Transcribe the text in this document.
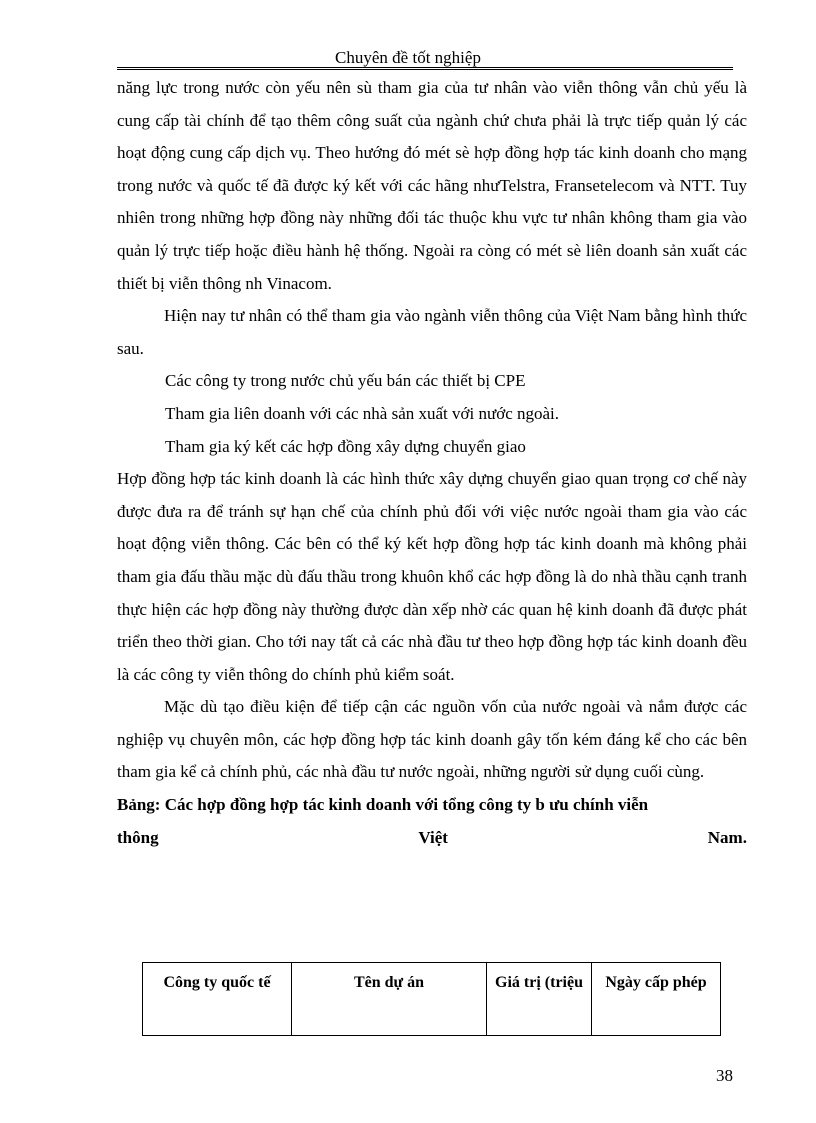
Chuyên đề tốt nghiệp

năng lực trong nước còn yếu nên sù tham gia của tư nhân vào viễn thông vẫn chủ yếu là cung cấp tài chính để tạo thêm công suất của ngành chứ chưa phải là trực tiếp quản lý các hoạt động cung cấp dịch vụ. Theo hướng đó mét sè hợp đồng hợp tác kinh doanh cho mạng trong nước và quốc tế đã được ký kết với các hãng nhưTelstra, Fransetelecom và NTT. Tuy nhiên trong những hợp đồng này những đối tác thuộc khu vực tư nhân không tham gia vào quản lý trực tiếp hoặc điều hành hệ thống. Ngoài ra còng có mét sè liên doanh sản xuất các thiết bị viễn thông nh Vinacom.

Hiện nay tư nhân có thể tham gia vào ngành viễn thông của Việt Nam bằng hình thức sau.

Các công ty trong nước chủ yếu bán các thiết bị CPE

Tham gia liên doanh với các nhà sản xuất với nước ngoài.

Tham gia ký kết các hợp đồng xây dựng chuyển giao

Hợp đồng hợp tác kinh doanh là các hình thức xây dựng chuyển giao quan trọng cơ chế này được đưa ra để tránh sự hạn chế của chính phủ đối với việc nước ngoài tham gia vào các hoạt động viễn thông. Các bên có thể ký kết hợp đồng hợp tác kinh doanh mà không phải tham gia đấu thầu mặc dù đấu thầu trong khuôn khổ các hợp đồng là do nhà thầu cạnh tranh thực hiện các hợp đồng này thường được dàn xếp nhờ các quan hệ kinh doanh đã được phát triển theo thời gian. Cho tới nay tất cả các nhà đầu tư theo hợp đồng hợp tác kinh doanh đều là các công ty viễn thông do chính phủ kiểm soát.

Mặc dù tạo điều kiện để tiếp cận các nguồn vốn của nước ngoài và nắm được các nghiệp vụ chuyên môn, các hợp đồng hợp tác kinh doanh gây tốn kém đáng kể cho các bên tham gia kể cả chính phủ, các nhà đầu tư nước ngoài, những người sử dụng cuối cùng.

Bảng: Các hợp đồng hợp tác kinh doanh với tổng công ty b ưu chính viễn

thông	Việt	Nam.
Công ty quốc tế	Tên dự án	Giá trị (triệu	Ngày cấp phép
38
